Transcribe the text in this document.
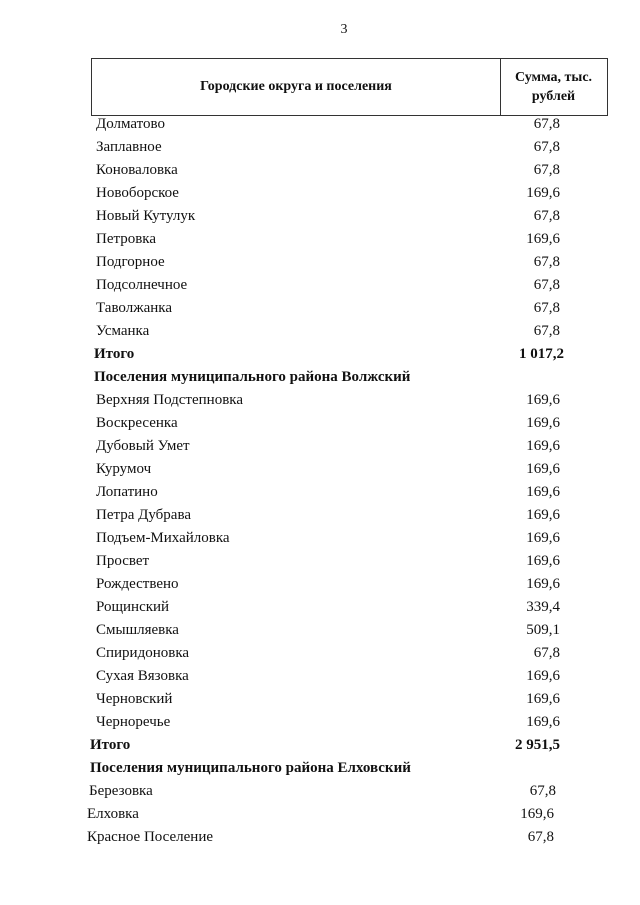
3
Городские округа и поселения
Сумма, тыс.
рублей
Долматово	67,8
Заплавное	67,8
Коноваловка	67,8
Новоборское	169,6
Новый Кутулук	67,8
Петровка	169,6
Подгорное	67,8
Подсолнечное	67,8
Таволжанка	67,8
Усманка	67,8
Итого	1 017,2
Поселения муниципального района Волжский
Верхняя Подстепновка	169,6
Воскресенка	169,6
Дубовый Умет	169,6
Курумоч	169,6
Лопатино	169,6
Петра Дубрава	169,6
Подъем-Михайловка	169,6
Просвет	169,6
Рождествено	169,6
Рощинский	339,4
Смышляевка	509,1
Спиридоновка	67,8
Сухая Вязовка	169,6
Черновский	169,6
Черноречье	169,6
Итого	2 951,5
Поселения муниципального района Елховский
Березовка	67,8
Елховка	169,6
Красное Поселение	67,8
